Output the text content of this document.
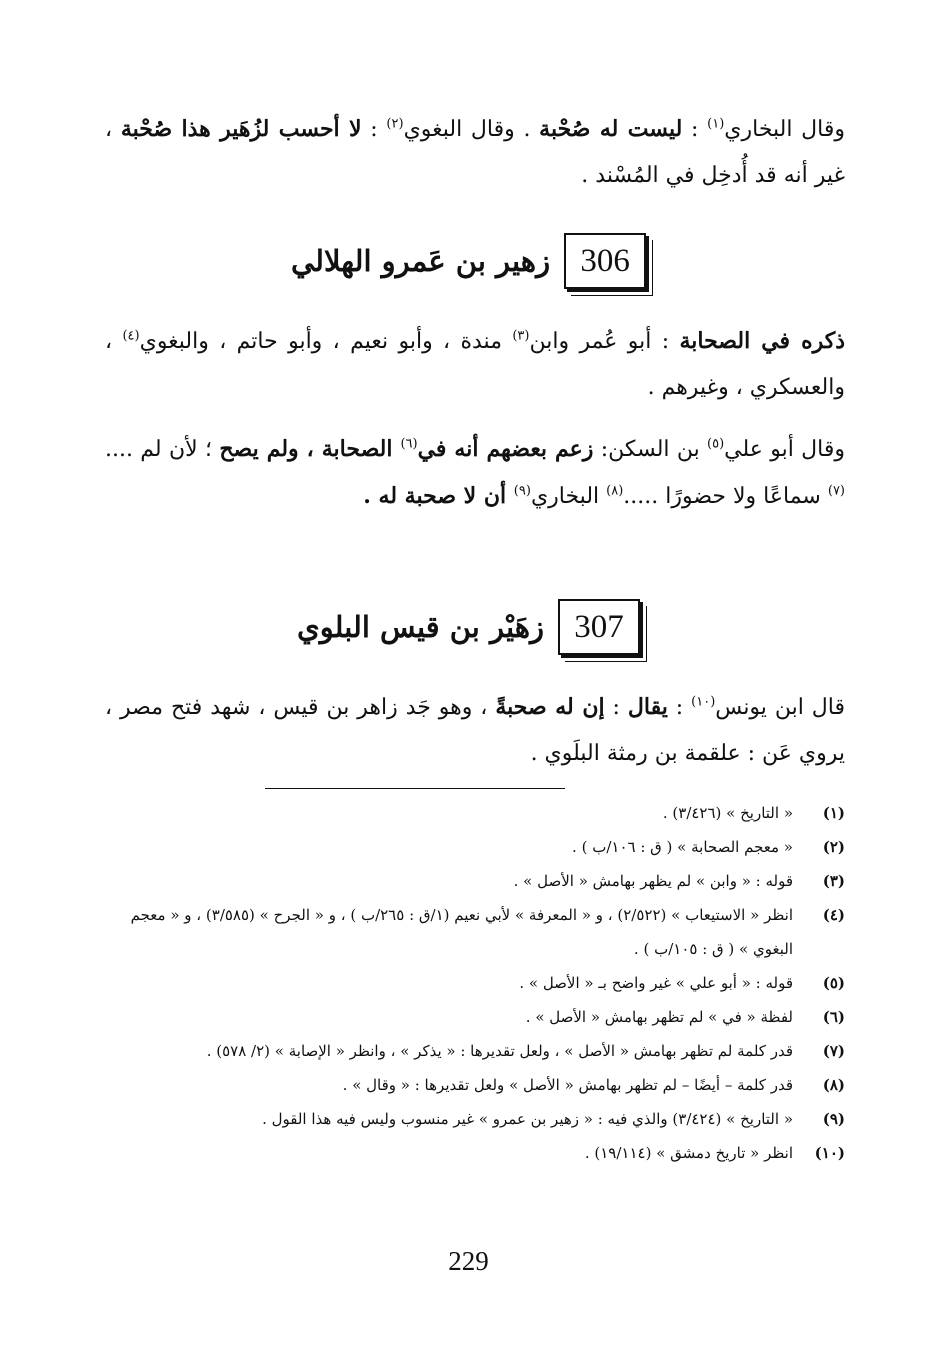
وقال البخاري$^{(١)}$ : ليست له صُحْبة . وقال البغوي$^{(٢)}$ : لا أحسب لزُهَير هذا صُحْبة ، غير أنه قد أُدخِل في المُسْند .

306
زهير بن عَمرو الهلالي

ذكره في الصحابة : أبو عُمر وابن$^{(٣)}$ مندة ، وأبو نعيم ، وأبو حاتم ، والبغوي$^{(٤)}$ ، والعسكري ، وغيرهم .

وقال أبو علي$^{(٥)}$ بن السكن: زعم بعضهم أنه في$^{(٦)}$ الصحابة ، ولم يصح ؛ لأن لم ....$^{(٧)}$ سماعًا ولا حضورًا .....$^{(٨)}$ البخاري$^{(٩)}$ أن لا صحبة له .

307
زهَيْر بن قيس البلوي

قال ابن يونس$^{(١٠)}$ : يقال : إن له صحبةً ، وهو جَد زاهر بن قيس ، شهد فتح مصر ، يروي عَن : علقمة بن رمثة البلَوي .

(١)
« التاريخ » (٣/٤٢٦) .
(٢)
« معجم الصحابة » ( ق : ١٠٦/ب ) .
(٣)
قوله : « وابن » لم يظهر بهامش « الأصل » .
(٤)
انظر « الاستيعاب » (٢/٥٢٢) ، و « المعرفة » لأبي نعيم (١/ق : ٢٦٥/ب ) ، و « الجرح » (٣/٥٨٥) ، و « معجم البغوي » ( ق : ١٠٥/ب ) .
(٥)
قوله : « أبو علي » غير واضح بـ « الأصل » .
(٦)
لفظة « في » لم تظهر بهامش « الأصل » .
(٧)
قدر كلمة لم تظهر بهامش « الأصل » ، ولعل تقديرها : « يذكر » ، وانظر « الإصابة » (٢/ ٥٧٨) .
(٨)
قدر كلمة – أيضًا – لم تظهر بهامش « الأصل » ولعل تقديرها : « وقال » .
(٩)
« التاريخ » (٣/٤٢٤) والذي فيه : « زهير بن عمرو » غير منسوب وليس فيه هذا القول .
(١٠)
انظر « تاريخ دمشق » (١٩/١١٤) .
229
